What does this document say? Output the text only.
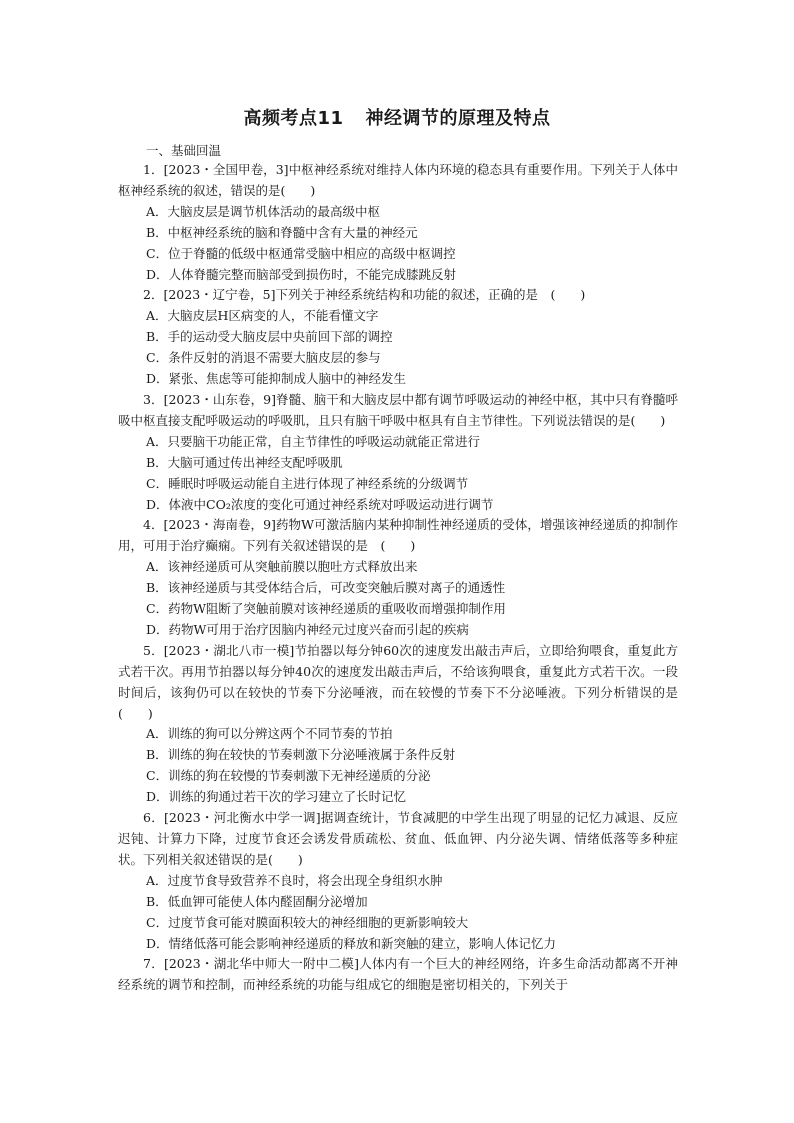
高频考点11 神经调节的原理及特点
一、基础回温

1．[2023・全国甲卷，3]中枢神经系统对维持人体内环境的稳态具有重要作用。下列关于人体中枢神经系统的叙述，错误的是(　　)

A．大脑皮层是调节机体活动的最高级中枢

B．中枢神经系统的脑和脊髓中含有大量的神经元

C．位于脊髓的低级中枢通常受脑中相应的高级中枢调控

D．人体脊髓完整而脑部受到损伤时，不能完成膝跳反射

2．[2023・辽宁卷，5]下列关于神经系统结构和功能的叙述，正确的是　(　　)

A．大脑皮层H区病变的人，不能看懂文字

B．手的运动受大脑皮层中央前回下部的调控

C．条件反射的消退不需要大脑皮层的参与

D．紧张、焦虑等可能抑制成人脑中的神经发生

3．[2023・山东卷，9]脊髓、脑干和大脑皮层中都有调节呼吸运动的神经中枢，其中只有脊髓呼吸中枢直接支配呼吸运动的呼吸肌，且只有脑干呼吸中枢具有自主节律性。下列说法错误的是(　　)

A．只要脑干功能正常，自主节律性的呼吸运动就能正常进行

B．大脑可通过传出神经支配呼吸肌

C．睡眠时呼吸运动能自主进行体现了神经系统的分级调节

D．体液中CO₂浓度的变化可通过神经系统对呼吸运动进行调节

4．[2023・海南卷，9]药物W可激活脑内某种抑制性神经递质的受体，增强该神经递质的抑制作用，可用于治疗癫痫。下列有关叙述错误的是　(　　)

A．该神经递质可从突触前膜以胞吐方式释放出来

B．该神经递质与其受体结合后，可改变突触后膜对离子的通透性

C．药物W阻断了突触前膜对该神经递质的重吸收而增强抑制作用

D．药物W可用于治疗因脑内神经元过度兴奋而引起的疾病

5．[2023・湖北八市一模]节拍器以每分钟60次的速度发出敲击声后，立即给狗喂食，重复此方式若干次。再用节拍器以每分钟40次的速度发出敲击声后，不给该狗喂食，重复此方式若干次。一段时间后，该狗仍可以在较快的节奏下分泌唾液，而在较慢的节奏下不分泌唾液。下列分析错误的是　　(　　)

A．训练的狗可以分辨这两个不同节奏的节拍

B．训练的狗在较快的节奏刺激下分泌唾液属于条件反射

C．训练的狗在较慢的节奏刺激下无神经递质的分泌

D．训练的狗通过若干次的学习建立了长时记忆

6．[2023・河北衡水中学一调]据调查统计，节食减肥的中学生出现了明显的记忆力减退、反应迟钝、计算力下降，过度节食还会诱发骨质疏松、贫血、低血钾、内分泌失调、情绪低落等多种症状。下列相关叙述错误的是(　　)

A．过度节食导致营养不良时，将会出现全身组织水肿

B．低血钾可能使人体内醛固酮分泌增加

C．过度节食可能对膜面积较大的神经细胞的更新影响较大

D．情绪低落可能会影响神经递质的释放和新突触的建立，影响人体记忆力

7．[2023・湖北华中师大一附中二模]人体内有一个巨大的神经网络，许多生命活动都离不开神经系统的调节和控制，而神经系统的功能与组成它的细胞是密切相关的，下列关于
